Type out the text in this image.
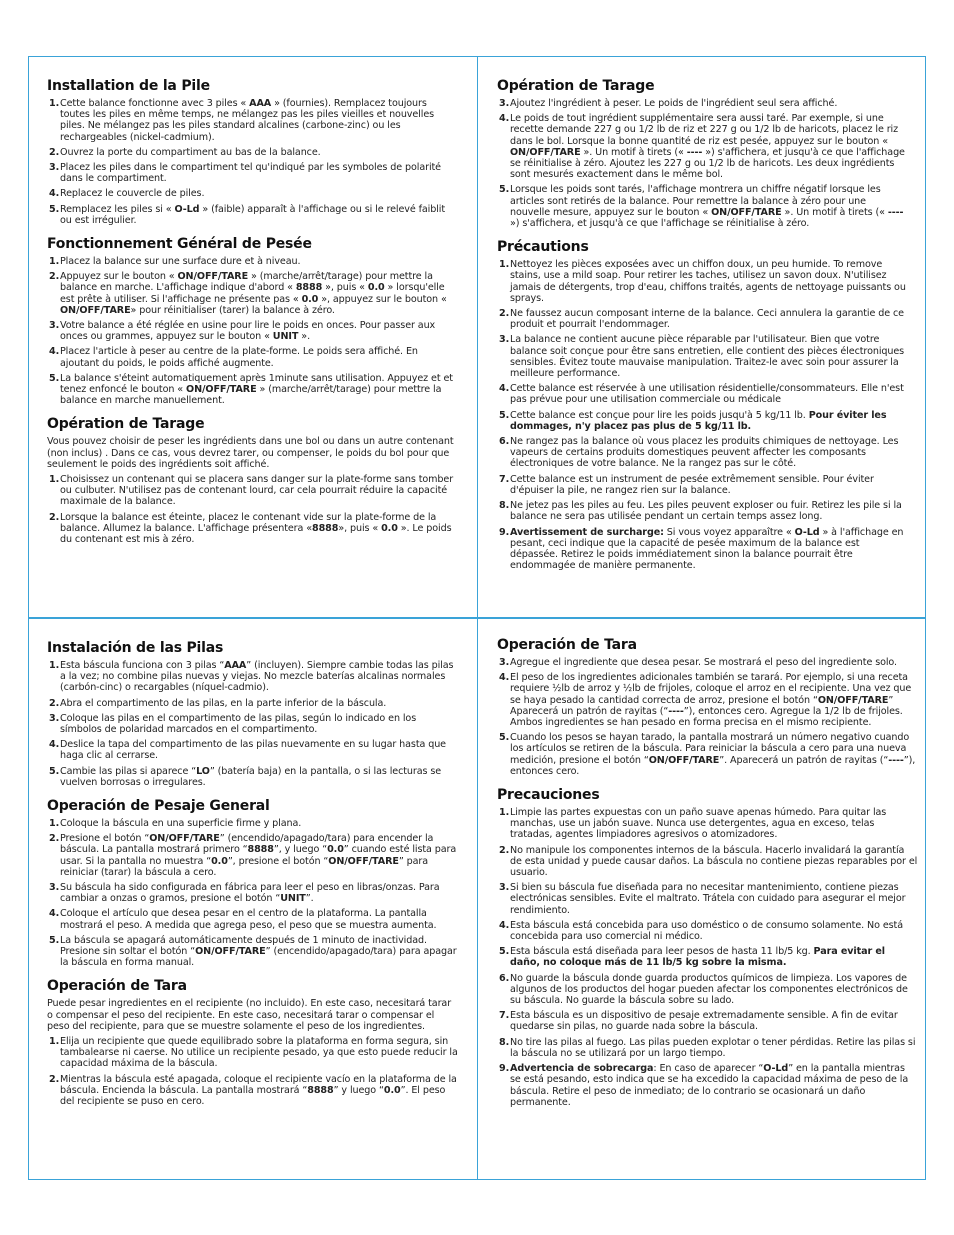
Installation de la Pile
1.Cette balance fonctionne avec 3 piles « AAA » (fournies). Remplacez toujours toutes les piles en même temps, ne mélangez pas les piles vieilles et nouvelles piles. Ne mélangez pas les piles standard alcalines (carbone-zinc) ou les rechargeables (nickel-cadmium).
2.Ouvrez la porte du compartiment au bas de la balance.
3.Placez les piles dans le compartiment tel qu'indiqué par les symboles de polarité dans le compartiment.
4.Replacez le couvercle de piles.
5.Remplacez les piles si « O-Ld » (faible) apparaît à l'affichage ou si le relevé faiblit ou est irrégulier.
Fonctionnement Général de Pesée
1.Placez la balance sur une surface dure et à niveau.
2.Appuyez sur le bouton « ON/OFF/TARE » (marche/arrêt/tarage) pour mettre la balance en marche. L'affichage indique d'abord « 8888 », puis « 0.0 » lorsqu'elle est prête à utiliser. Si l'affichage ne présente pas « 0.0 », appuyez sur le bouton « ON/OFF/TARE» pour réinitialiser (tarer) la balance à zéro.
3.Votre balance a été réglée en usine pour lire le poids en onces. Pour passer aux onces ou grammes, appuyez sur le bouton « UNIT ».
4.Placez l'article à peser au centre de la plate-forme. Le poids sera affiché. En ajoutant du poids, le poids affiché augmente.
5.La balance s'éteint automatiquement après 1minute sans utilisation. Appuyez et et tenez enfoncé le bouton « ON/OFF/TARE » (marche/arrêt/tarage) pour mettre la balance en marche manuellement.
Opération de Tarage

Vous pouvez choisir de peser les ingrédients dans une bol ou dans un autre contenant (non inclus) . Dans ce cas, vous devrez tarer, ou compenser, le poids du bol pour que seulement le poids des ingrédients soit affiché.

1.Choisissez un contenant qui se placera sans danger sur la plate-forme sans tomber ou culbuter. N'utilisez pas de contenant lourd, car cela pourrait réduire la capacité maximale de la balance.
2.Lorsque la balance est éteinte, placez le contenant vide sur la plate-forme de la balance. Allumez la balance. L'affichage présentera «8888», puis « 0.0 ». Le poids du contenant est mis à zéro.
Opération de Tarage
3.Ajoutez l'ingrédient à peser. Le poids de l'ingrédient seul sera affiché.
4.Le poids de tout ingrédient supplémentaire sera aussi taré. Par exemple, si une recette demande 227 g ou 1/2 lb de riz et 227 g ou 1/2 lb de haricots, placez le riz dans le bol. Lorsque la bonne quantité de riz est pesée, appuyez sur le bouton « ON/OFF/TARE ». Un motif à tirets (« ---- ») s'affichera, et jusqu'à ce que l'affichage se réinitialise à zéro. Ajoutez les 227 g ou 1/2 lb de haricots. Les deux ingrédients sont mesurés exactement dans le même bol.
5.Lorsque les poids sont tarés, l'affichage montrera un chiffre négatif lorsque les articles sont retirés de la balance. Pour remettre la balance à zéro pour une nouvelle mesure, appuyez sur le bouton « ON/OFF/TARE ». Un motif à tirets (« ---- ») s'affichera, et jusqu'à ce que l'affichage se réinitialise à zéro.
Précautions
1.Nettoyez les pièces exposées avec un chiffon doux, un peu humide. To remove stains, use a mild soap. Pour retirer les taches, utilisez un savon doux. N'utilisez jamais de détergents, trop d'eau, chiffons traités, agents de nettoyage puissants ou sprays.
2.Ne faussez aucun composant interne de la balance. Ceci annulera la garantie de ce produit et pourrait l'endommager.
3.La balance ne contient aucune pièce réparable par l'utilisateur. Bien que votre balance soit conçue pour être sans entretien, elle contient des pièces électroniques sensibles. Évitez toute mauvaise manipulation. Traitez-le avec soin pour assurer la meilleure performance.
4.Cette balance est réservée à une utilisation résidentielle/consommateurs. Elle n'est pas prévue pour une utilisation commerciale ou médicale
5.Cette balance est conçue pour lire les poids jusqu'à 5 kg/11 lb. Pour éviter les dommages, n'y placez pas plus de 5 kg/11 lb.
6.Ne rangez pas la balance où vous placez les produits chimiques de nettoyage. Les vapeurs de certains produits domestiques peuvent affecter les composants électroniques de votre balance. Ne la rangez pas sur le côté.
7.Cette balance est un instrument de pesée extrêmement sensible. Pour éviter d'épuiser la pile, ne rangez rien sur la balance.
8.Ne jetez pas les piles au feu. Les piles peuvent exploser ou fuir. Retirez les pile si la balance ne sera pas utilisée pendant un certain temps assez long.
9.Avertissement de surcharge: Si vous voyez apparaître « O-Ld » à l'affichage en pesant, ceci indique que la capacité de pesée maximum de la balance est dépassée. Retirez le poids immédiatement sinon la balance pourrait être endommagée de manière permanente.
Instalación de las Pilas
1.Esta báscula funciona con 3 pilas “AAA” (incluyen). Siempre cambie todas las pilas a la vez; no combine pilas nuevas y viejas. No mezcle baterías alcalinas normales (carbón-cinc) o recargables (níquel-cadmio).
2.Abra el compartimento de las pilas, en la parte inferior de la báscula.
3.Coloque las pilas en el compartimento de las pilas, según lo indicado en los símbolos de polaridad marcados en el compartimento.
4.Deslice la tapa del compartimento de las pilas nuevamente en su lugar hasta que haga clic al cerrarse.
5.Cambie las pilas si aparece “LO” (batería baja) en la pantalla, o si las lecturas se vuelven borrosas o irregulares.
Operación de Pesaje General
1.Coloque la báscula en una superficie firme y plana.
2.Presione el botón “ON/OFF/TARE” (encendido/apagado/tara) para encender la báscula. La pantalla mostrará primero “8888”, y luego “0.0” cuando esté lista para usar. Si la pantalla no muestra “0.0”, presione el botón “ON/OFF/TARE” para reiniciar (tarar) la báscula a cero.
3.Su báscula ha sido configurada en fábrica para leer el peso en libras/onzas. Para cambiar a onzas o gramos, presione el botón “UNIT”.
4.Coloque el artículo que desea pesar en el centro de la plataforma. La pantalla mostrará el peso. A medida que agrega peso, el peso que se muestra aumenta.
5.La báscula se apagará automáticamente después de 1 minuto de inactividad. Presione sin soltar el botón “ON/OFF/TARE” (encendido/apagado/tara) para apagar la báscula en forma manual.
Operación de Tara

Puede pesar ingredientes en el recipiente (no incluido). En este caso, necesitará tarar o compensar el peso del recipiente. En este caso, necesitará tarar o compensar el peso del recipiente, para que se muestre solamente el peso de los ingredientes.

1.Elija un recipiente que quede equilibrado sobre la plataforma en forma segura, sin tambalearse ni caerse. No utilice un recipiente pesado, ya que esto puede reducir la capacidad máxima de la báscula.
2.Mientras la báscula esté apagada, coloque el recipiente vacío en la plataforma de la báscula. Encienda la báscula. La pantalla mostrará “8888” y luego “0.0”. El peso del recipiente se puso en cero.
Operación de Tara
3.Agregue el ingrediente que desea pesar. Se mostrará el peso del ingrediente solo.
4.El peso de los ingredientes adicionales también se tarará. Por ejemplo, si una receta requiere ½lb de arroz y ½lb de frijoles, coloque el arroz en el recipiente. Una vez que se haya pesado la cantidad correcta de arroz, presione el botón “ON/OFF/TARE” Aparecerá un patrón de rayitas (“----”), entonces cero. Agregue la 1/2 lb de frijoles. Ambos ingredientes se han pesado en forma precisa en el mismo recipiente.
5.Cuando los pesos se hayan tarado, la pantalla mostrará un número negativo cuando los artículos se retiren de la báscula. Para reiniciar la báscula a cero para una nueva medición, presione el botón “ON/OFF/TARE”. Aparecerá un patrón de rayitas (“----”), entonces cero.
Precauciones
1.Limpie las partes expuestas con un paño suave apenas húmedo. Para quitar las manchas, use un jabón suave. Nunca use detergentes, agua en exceso, telas tratadas, agentes limpiadores agresivos o atomizadores.
2.No manipule los componentes internos de la báscula. Hacerlo invalidará la garantía de esta unidad y puede causar daños. La báscula no contiene piezas reparables por el usuario.
3.Si bien su báscula fue diseñada para no necesitar mantenimiento, contiene piezas electrónicas sensibles. Evite el maltrato. Trátela con cuidado para asegurar el mejor rendimiento.
4.Esta báscula está concebida para uso doméstico o de consumo solamente. No está concebida para uso comercial ni médico.
5.Esta báscula está diseñada para leer pesos de hasta 11 lb/5 kg. Para evitar el daño, no coloque más de 11 lb/5 kg sobre la misma.
6.No guarde la báscula donde guarda productos químicos de limpieza. Los vapores de algunos de los productos del hogar pueden afectar los componentes electrónicos de su báscula. No guarde la báscula sobre su lado.
7.Esta báscula es un dispositivo de pesaje extremadamente sensible. A fin de evitar quedarse sin pilas, no guarde nada sobre la báscula.
8.No tire las pilas al fuego. Las pilas pueden explotar o tener pérdidas. Retire las pilas si la báscula no se utilizará por un largo tiempo.
9.Advertencia de sobrecarga: En caso de aparecer “O-Ld” en la pantalla mientras se está pesando, esto indica que se ha excedido la capacidad máxima de peso de la báscula. Retire el peso de inmediato; de lo contrario se ocasionará un daño permanente.
